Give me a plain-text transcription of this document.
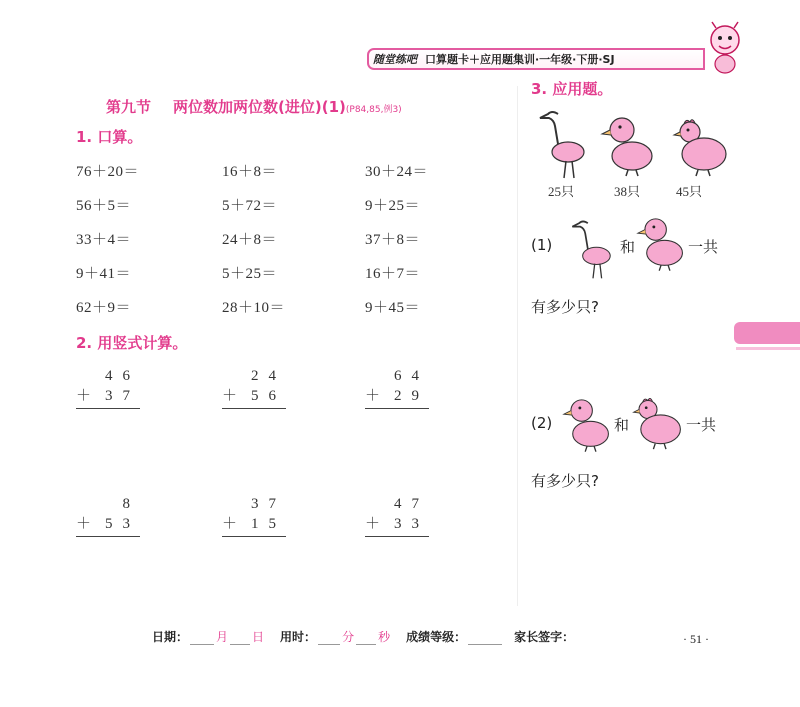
随堂练吧 口算题卡＋应用题集训·一年级·下册·SJ
第九节 两位数加两位数(进位)(1)(P84,85,例3)
1. 口算。
76＋20＝	16＋8＝	30＋24＝
56＋5＝	5＋72＝	9＋25＝
33＋4＝	24＋8＝	37＋8＝
9＋41＝	5＋25＝	16＋7＝
62＋9＝	28＋10＝	9＋45＝
2. 用竖式计算。
46
＋ 37
24
＋ 56
64
＋ 29
8
＋ 53
37
＋ 15
47
＋ 33
3. 应用题。
25只	38只	45只
(1)	和	一共
有多少只?
(2)	和	一共
有多少只?
日期： 月 日 用时： 分 秒 成绩等级：	家长签字：	· 51 ·
